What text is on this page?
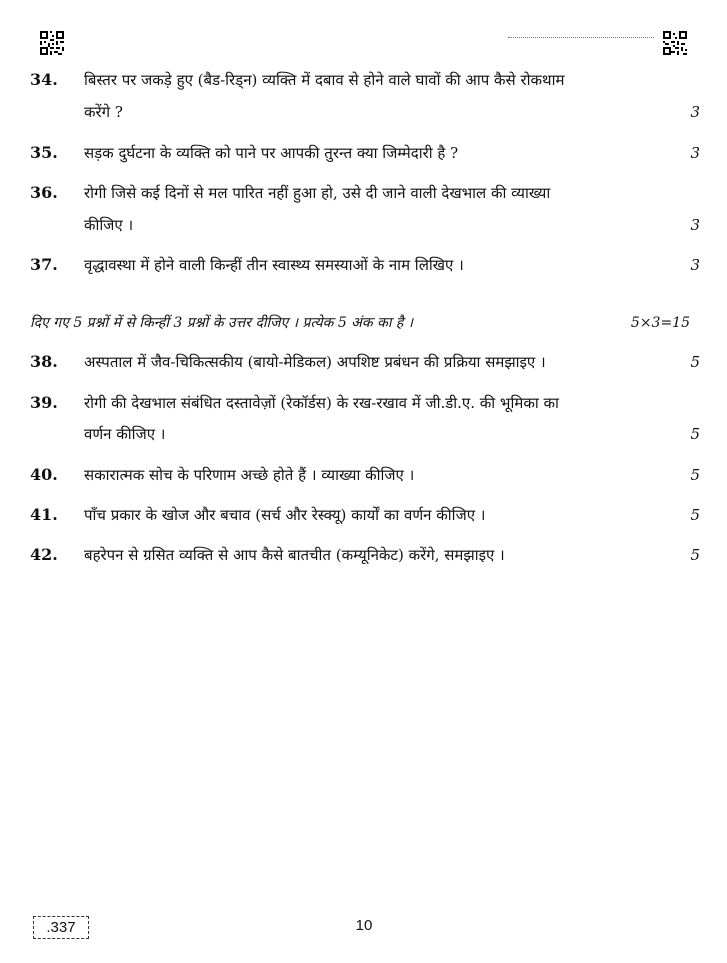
34. बिस्तर पर जकड़े हुए (बैड-रिड्न) व्यक्ति में दबाव से होने वाले घावों की आप कैसे रोकथाम
करेंगे ?	3
35. सड़क दुर्घटना के व्यक्ति को पाने पर आपकी तुरन्त क्या जिम्मेदारी है ?	3
36. रोगी जिसे कई दिनों से मल पारित नहीं हुआ हो, उसे दी जाने वाली देखभाल की व्याख्या
कीजिए ।	3
37. वृद्धावस्था में होने वाली किन्हीं तीन स्वास्थ्य समस्याओं के नाम लिखिए ।	3
दिए गए 5 प्रश्नों में से किन्हीं 3 प्रश्नों के उत्तर दीजिए । प्रत्येक 5 अंक का है ।	5×3=15
38. अस्पताल में जैव-चिकित्सकीय (बायो-मेडिकल) अपशिष्ट प्रबंधन की प्रक्रिया समझाइए ।	5
39. रोगी की देखभाल संबंधित दस्तावेज़ों (रेकॉर्डस) के रख-रखाव में जी.डी.ए. की भूमिका का
वर्णन कीजिए ।	5
40. सकारात्मक सोच के परिणाम अच्छे होते हैं । व्याख्या कीजिए ।	5
41. पाँच प्रकार के खोज और बचाव (सर्च और रेस्क्यू) कार्यों का वर्णन कीजिए ।	5
42. बहरेपन से ग्रसित व्यक्ति से आप कैसे बातचीत (कम्यूनिकेट) करेंगे, समझाइए ।	5
.337	10
